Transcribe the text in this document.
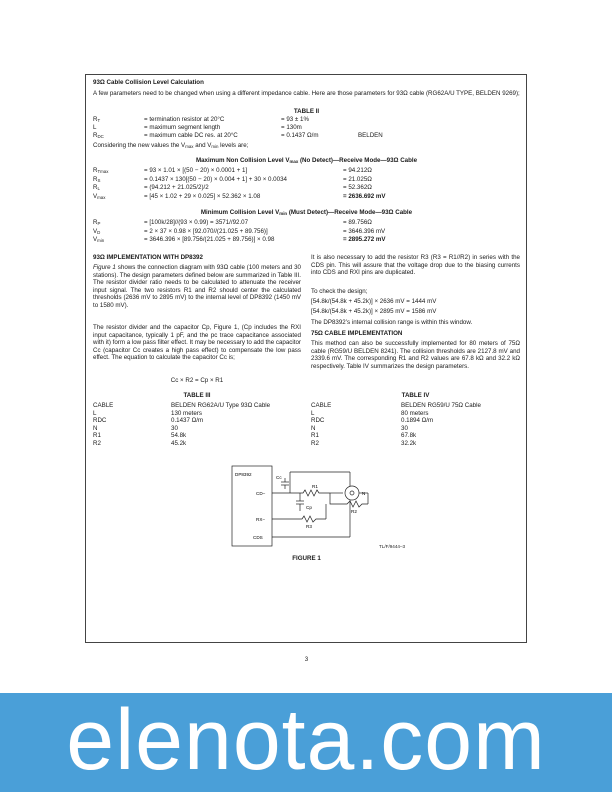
93Ω Cable Collision Level Calculation
A few parameters need to be changed when using a different impedance cable. Here are those parameters for 93Ω cable (RG62A/U TYPE, BELDEN 9269);
TABLE II
$R_T$	= termination resistor at 20°C	= 93 ± 1%
L	= maximum segment length	= 130m
$R_{DC}$	= maximum cable DC res. at 20°C	= 0.1437 Ω/m	BELDEN
Considering the new values the $V_{max}$ and $V_{min}$ levels are;
Maximum Non Collision Level $V_{max}$ (No Detect)—Receive Mode—93Ω Cable
$R_{Tmax}$	= 93 × 1.01 × [(50 − 20) × 0.0001 + 1]	= 94.212Ω
$R_S$	= 0.1437 × 130[(50 − 20) × 0.004 + 1] + 30 × 0.0034	= 21.025Ω
$R_L$	= (94.212 + 21.025/2)/2	= 52.362Ω
$V_{max}$	= [45 × 1.02 + 29 × 0.025] × 52.362 × 1.08	= 2636.692 mV
Minimum Collision Level $V_{min}$ (Must Detect)—Receive Mode—93Ω Cable
$R_P$	= [100k/28]//(93 × 0.99) = 3571//92.07	= 89.756Ω
$V_D$	= 2 × 37 × 0.98 × [92.070//(21.025 + 89.756)]	= 3646.396 mV
$V_{min}$	= 3646.396 × [89.756/(21.025 + 89.756)] × 0.98	= 2895.272 mV
93Ω IMPLEMENTATION WITH DP8392
Figure 1 shows the connection diagram with 93Ω cable (100 meters and 30 stations). The design parameters defined below are summarized in Table III. The resistor divider ratio needs to be calculated to attenuate the receiver input signal. The two resistors R1 and R2 should center the calculated thresholds (2636 mV to 2895 mV) to the internal level of DP8392 (1450 mV to 1580 mV).
The resistor divider and the capacitor Cp, Figure 1, (Cp includes the RXI input capacitance, typically 1 pF, and the pc trace capacitance associated with it) form a low pass filter effect. It may be necessary to add the capacitor Cc (capacitor Cc creates a high pass effect) to compensate the low pass effect. The equation to calculate the capacitor Cc is;
Cc × R2 = Cp × R1
It is also necessary to add the resistor R3 (R3 = R1//R2) in series with the CDS pin. This will assure that the voltage drop due to the biasing currents into CDS and RXI pins are duplicated.
To check the design;
[54.8k/(54.8k + 45.2k)] × 2636 mV = 1444 mV
[54.8k/(54.8k + 45.2k)] × 2895 mV = 1586 mV
The DP8392’s internal collision range is within this window.
75Ω CABLE IMPLEMENTATION
This method can also be successfully implemented for 80 meters of 75Ω cable (RG59/U BELDEN 8241). The collision thresholds are 2127.8 mV and 2339.6 mV. The corresponding R1 and R2 values are 67.8 kΩ and 32.2 kΩ respectively. Table IV summarizes the design parameters.
TABLE III
CABLE	BELDEN RG62A/U Type 93Ω Cable
L	130 meters
RDC	0.1437 Ω/m
N	30
R1	54.8k
R2	45.2k
TABLE IV
CABLE	BELDEN RG59/U 75Ω Cable
L	80 meters
RDC	0.1894 Ω/m
N	30
R1	67.8k
R2	32.2k
DP8392
CD−
RX−
CDS
R1
R2
R3
Cc
Cp
N
TL/F/9444–3
FIGURE 1
3
elenota.com
